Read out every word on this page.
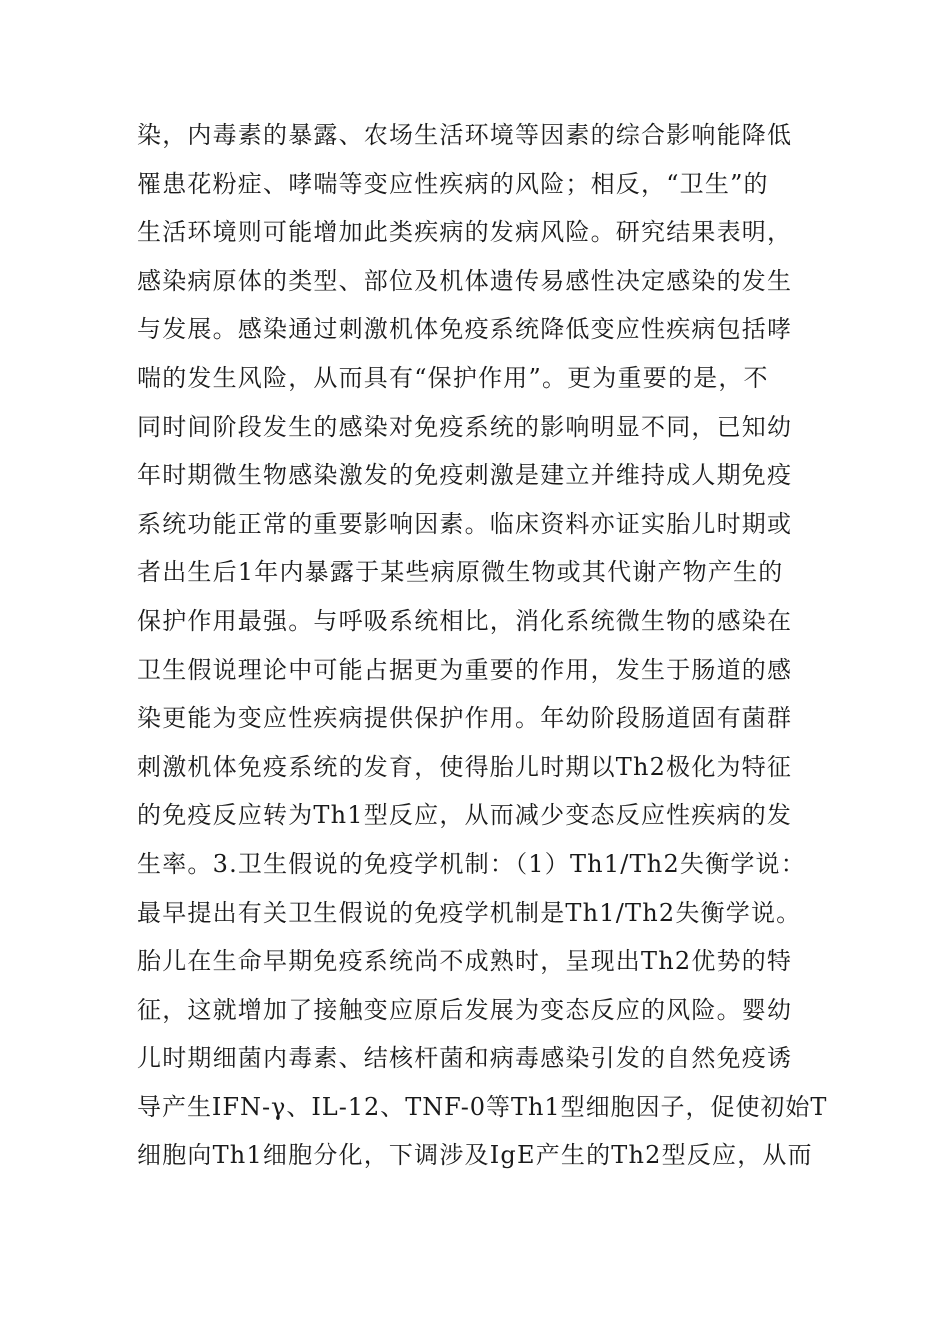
染，内毒素的暴露、农场生活环境等因素的综合影响能降低
罹患花粉症、哮喘等变应性疾病的风险；相反，“卫生”的
生活环境则可能增加此类疾病的发病风险。研究结果表明，
感染病原体的类型、部位及机体遗传易感性决定感染的发生
与发展。感染通过刺激机体免疫系统降低变应性疾病包括哮
喘的发生风险，从而具有“保护作用”。更为重要的是，不
同时间阶段发生的感染对免疫系统的影响明显不同，已知幼
年时期微生物感染激发的免疫刺激是建立并维持成人期免疫
系统功能正常的重要影响因素。临床资料亦证实胎儿时期或
者出生后1年内暴露于某些病原微生物或其代谢产物产生的
保护作用最强。与呼吸系统相比，消化系统微生物的感染在
卫生假说理论中可能占据更为重要的作用，发生于肠道的感
染更能为变应性疾病提供保护作用。年幼阶段肠道固有菌群
刺激机体免疫系统的发育，使得胎儿时期以Th2极化为特征
的免疫反应转为Th1型反应，从而减少变态反应性疾病的发
生率。3.卫生假说的免疫学机制：（1）Th1/Th2失衡学说：
最早提出有关卫生假说的免疫学机制是Th1/Th2失衡学说。
胎儿在生命早期免疫系统尚不成熟时，呈现出Th2优势的特
征，这就增加了接触变应原后发展为变态反应的风险。婴幼
儿时期细菌内毒素、结核杆菌和病毒感染引发的自然免疫诱
导产生IFN-γ、IL-12、TNF-0等Th1型细胞因子，促使初始T
细胞向Th1细胞分化，下调涉及IgE产生的Th2型反应，从而
